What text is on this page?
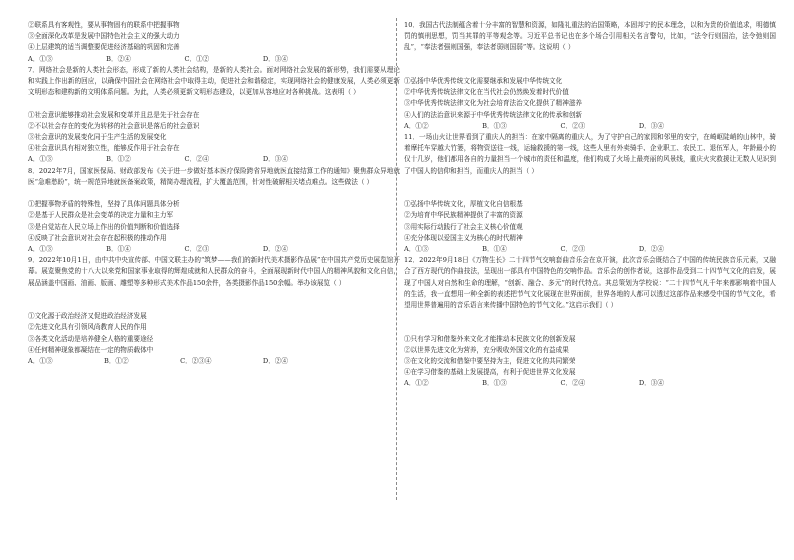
②联系具有客观性，要从事物固有的联系中把握事物
③全面深化改革是发展中国特色社会主义的强大动力
④上层建筑的适当调整要促进经济基础的巩固和完善
A．①③	B．②④	C．①②	D．③④
7．网络社会是新的人类社会形态，形成了新的人类社会结构，是新的人类社会。面对网络社会发展的新形势，我们需要从理论和实践上作出新的回应，以确保中国社会在网络社会中取得主动，促进社会和谐稳定，实现网络社会的健康发展，人类必须更新文明形态和建构新的文明体系问题。为此，人类必须更新文明形态建设，以更加从容地应对各种挑战。这表明（ ）
①社会意识能够推动社会发展和变革并且总是先于社会存在
②不以社会存在的变化为转移的社会意识是落后的社会意识
③社会意识的发展变化同于生产生活的发展变化
④社会意识具有相对独立性，能够反作用于社会存在
A．①③	B．①②	C．②④	D．③④
8．2022年7月，国家医保局、财政部发布《关于进一步做好基本医疗保险跨省异地就医直接结算工作的通知》聚焦群众异地就医“急难愁盼”，统一规范异地就医备案政策，精简办理流程，扩大覆盖范围，针对性破解相关堵点难点。这些做法（ ）
①把握事物矛盾的特殊性，坚持了具体问题具体分析
②是基于人民群众是社会变革的决定力量和主力军
③是自觉站在人民立场上作出的价值判断和价值选择
④反映了社会意识对社会存在起积极的推动作用
A．①③	B．①④	C．②③	D．②④
9．2022年10月1日，由中共中央宣传部、中国文联主办的“筑梦——我们的新时代美术摄影作品展”在中国共产党历史展览馆开幕。展览聚焦党的十八大以来党和国家事业取得的辉煌成就和人民群众的奋斗，全面展现新时代中国人的精神风貌和文化自信，展品涵盖中国画、油画、版画、雕塑等多种形式美术作品150余件，各类摄影作品150余幅。举办该展览（ ）
①文化源于政治经济又促进政治经济发展
②先进文化具有引领风尚教育人民的作用
③各类文化活动是培养健全人格的重要途径
④任何精神现象都凝结在一定的物质载体中
A．①③	B．①②	C．②③④	D．②④
10．我国古代法制蕴含着十分丰富的智慧和资源，如隆礼重法的治国策略，本固邦宁的民本理念，以和为贵的价值追求，明德慎罚的慎刑思想，罚当其罪的平等观念等。习近平总书记也在多个场合引用相关名言警句，比如，“法令行则国治，法令弛则国乱”，“奉法者强则国强，奉法者弱则国弱”等。这说明（ ）
①弘扬中华优秀传统文化需要继承和发展中华传统文化
②中华优秀传统法律文化在当代社会仍然焕发着时代价值
③中华优秀传统法律文化为社会培育法治文化提供了精神滋养
④人们的法治意识来源于中华优秀传统法律文化的传承和创新
A．①②	B．①③	C．②③	D．③④
11．一场山火让世界看到了重庆人的担当：在家中隔离的重庆人，为了守护自己的家园和邻里的安宁，在崎岖陡峭的山林中，骑着摩托车穿越大竹篓，将物资送往一线，运输救援的第一线，这些人里有外卖骑手、企业职工、农民工、退伍军人，年龄最小的仅十几岁，他们都用各自的力量担当一个城市的责任和温度，他们构成了火场上最亮丽的风景线，重庆火灾救援让无数人见识到了中国人的信仰和担当，而重庆人的担当（ ）
①弘扬中华传统文化，厚植文化自信根基
②为培育中华民族精神提供了丰富的资源
③用实际行动践行了社会主义核心价值观
④充分体现以爱国主义为核心的时代精神
A．①③	B．①④	C．②③	D．②④
12．2022年9月18日《万物生长》二十四节气交响套曲音乐会在京开演，此次音乐会既结合了中国的传统民族音乐元素，又融合了西方现代的作曲技法，呈现出一部具有中国特色的交响作品。音乐会的创作者说，这部作品受到二十四节气文化的启发，展现了中国人对自然和生命的理解，“创新、融合、多元”的时代特点。其总策划为学校说：“二十四节气凡千年来都影响着中国人的生活，我一直想用一种全新的表述把节气文化展现在世界面前，世界各地的人都可以透过这部作品来感受中国的节气文化，希望用世界普遍用的音乐语言来传播中国特色的节气文化。”这启示我们（ ）
①只有学习和借鉴外来文化才能推动本民族文化的创新发展
②以世界先进文化为营养，充分吸收外国文化的有益成果
③在文化的交流和借鉴中要坚持为主，促进文化的共同繁荣
④在学习借鉴的基础上发展提高，有利于促进世界文化发展
A．①②	B．①③	C．②④	D．③④
